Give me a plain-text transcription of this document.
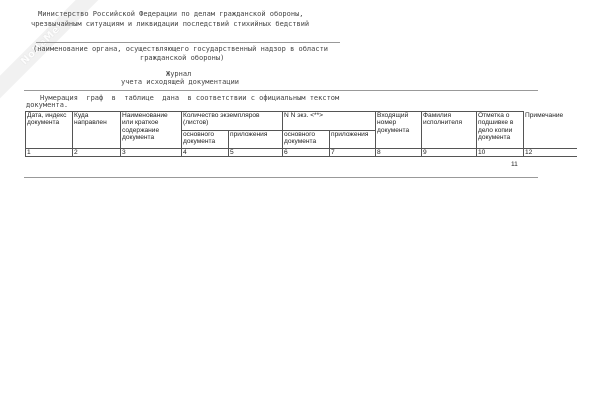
NoNaMe
Министерство Российской Федерации по делам гражданской обороны,
чрезвычайным ситуациям и ликвидации последствий стихийных бедствий
(наименование органа, осуществляющего государственный надзор в области
гражданской обороны)
Журнал
учета исходящей документации
Нумерация  граф  в  таблице  дана  в соответствии с официальным текстом
документа.
Дата, индекс документа	Куда направлен	Наименование или краткое содержание документа	Количество экземпляров (листов)		N N экз. <**>		Входящий номер документа	Фамилия исполнителя	Отметка о подшивке в дело копии документа	Примечание
			основного документа	приложения	основного документа	приложения				
1	2	3	4	5	6	7	8	9	10	12
11
